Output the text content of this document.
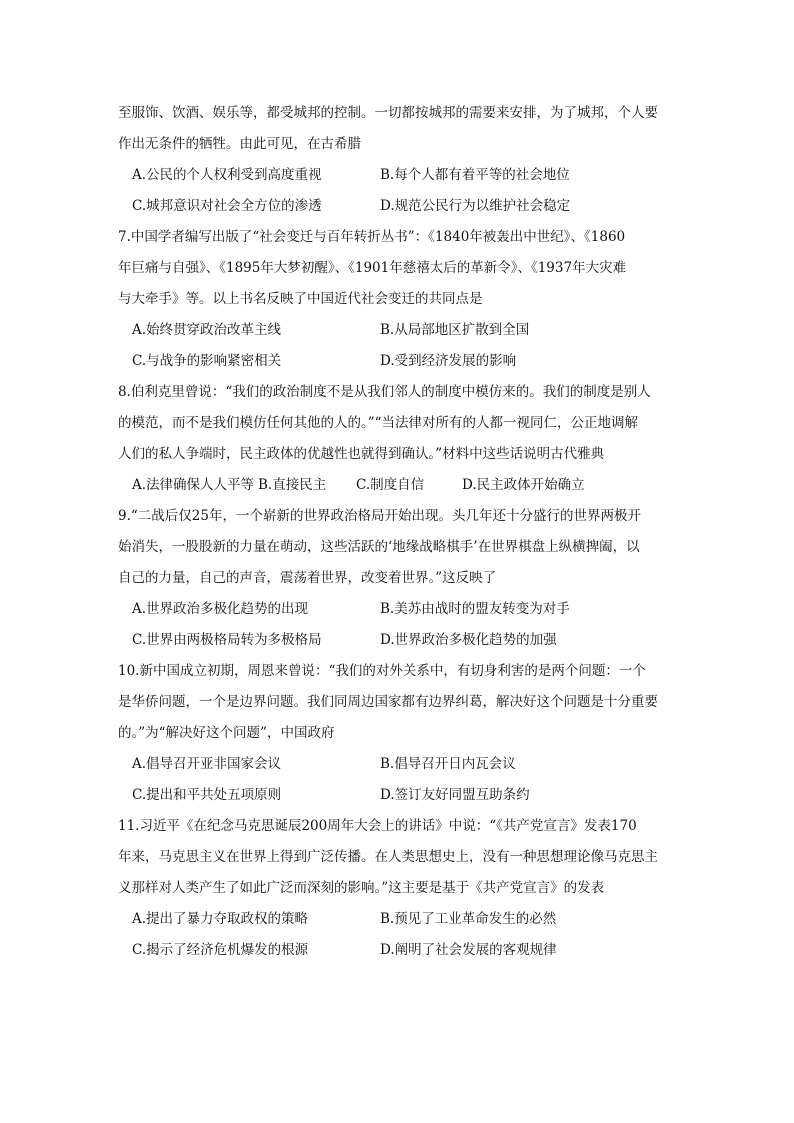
至服饰、饮酒、娱乐等，都受城邦的控制。一切都按城邦的需要来安排，为了城邦，个人要
作出无条件的牺牲。由此可见，在古希腊
A.公民的个人权利受到高度重视	B.每个人都有着平等的社会地位
C.城邦意识对社会全方位的渗透	D.规范公民行为以维护社会稳定
7.中国学者编写出版了“社会变迁与百年转折丛书”：《1840年被轰出中世纪》、《1860
年巨痛与自强》、《1895年大梦初醒》、《1901年慈禧太后的革新令》、《1937年大灾难
与大牵手》等。以上书名反映了中国近代社会变迁的共同点是
A.始终贯穿政治改革主线	B.从局部地区扩散到全国
C.与战争的影响紧密相关	D.受到经济发展的影响
8.伯利克里曾说：“我们的政治制度不是从我们邻人的制度中模仿来的。我们的制度是别人
的模范，而不是我们模仿任何其他的人的。”“当法律对所有的人都一视同仁，公正地调解
人们的私人争端时，民主政体的优越性也就得到确认。”材料中这些话说明古代雅典
A.法律确保人人平等 B.直接民主 C.制度自信	D.民主政体开始确立
9.“二战后仅25年，一个崭新的世界政治格局开始出现。头几年还十分盛行的世界两极开
始消失，一股股新的力量在萌动，这些活跃的‘地缘战略棋手’在世界棋盘上纵横捭阖，以
自己的力量，自己的声音，震荡着世界，改变着世界。”这反映了
A.世界政治多极化趋势的出现	B.美苏由战时的盟友转变为对手
C.世界由两极格局转为多极格局	D.世界政治多极化趋势的加强
10.新中国成立初期，周恩来曾说：“我们的对外关系中，有切身利害的是两个问题：一个
是华侨问题，一个是边界问题。我们同周边国家都有边界纠葛，解决好这个问题是十分重要
的。”为“解决好这个问题”，中国政府
A.倡导召开亚非国家会议	B.倡导召开日内瓦会议
C.提出和平共处五项原则	D.签订友好同盟互助条约
11.习近平《在纪念马克思诞辰200周年大会上的讲话》中说：“《共产党宣言》发表170
年来，马克思主义在世界上得到广泛传播。在人类思想史上，没有一种思想理论像马克思主
义那样对人类产生了如此广泛而深刻的影响。”这主要是基于《共产党宣言》的发表
A.提出了暴力夺取政权的策略	B.预见了工业革命发生的必然
C.揭示了经济危机爆发的根源	D.阐明了社会发展的客观规律
